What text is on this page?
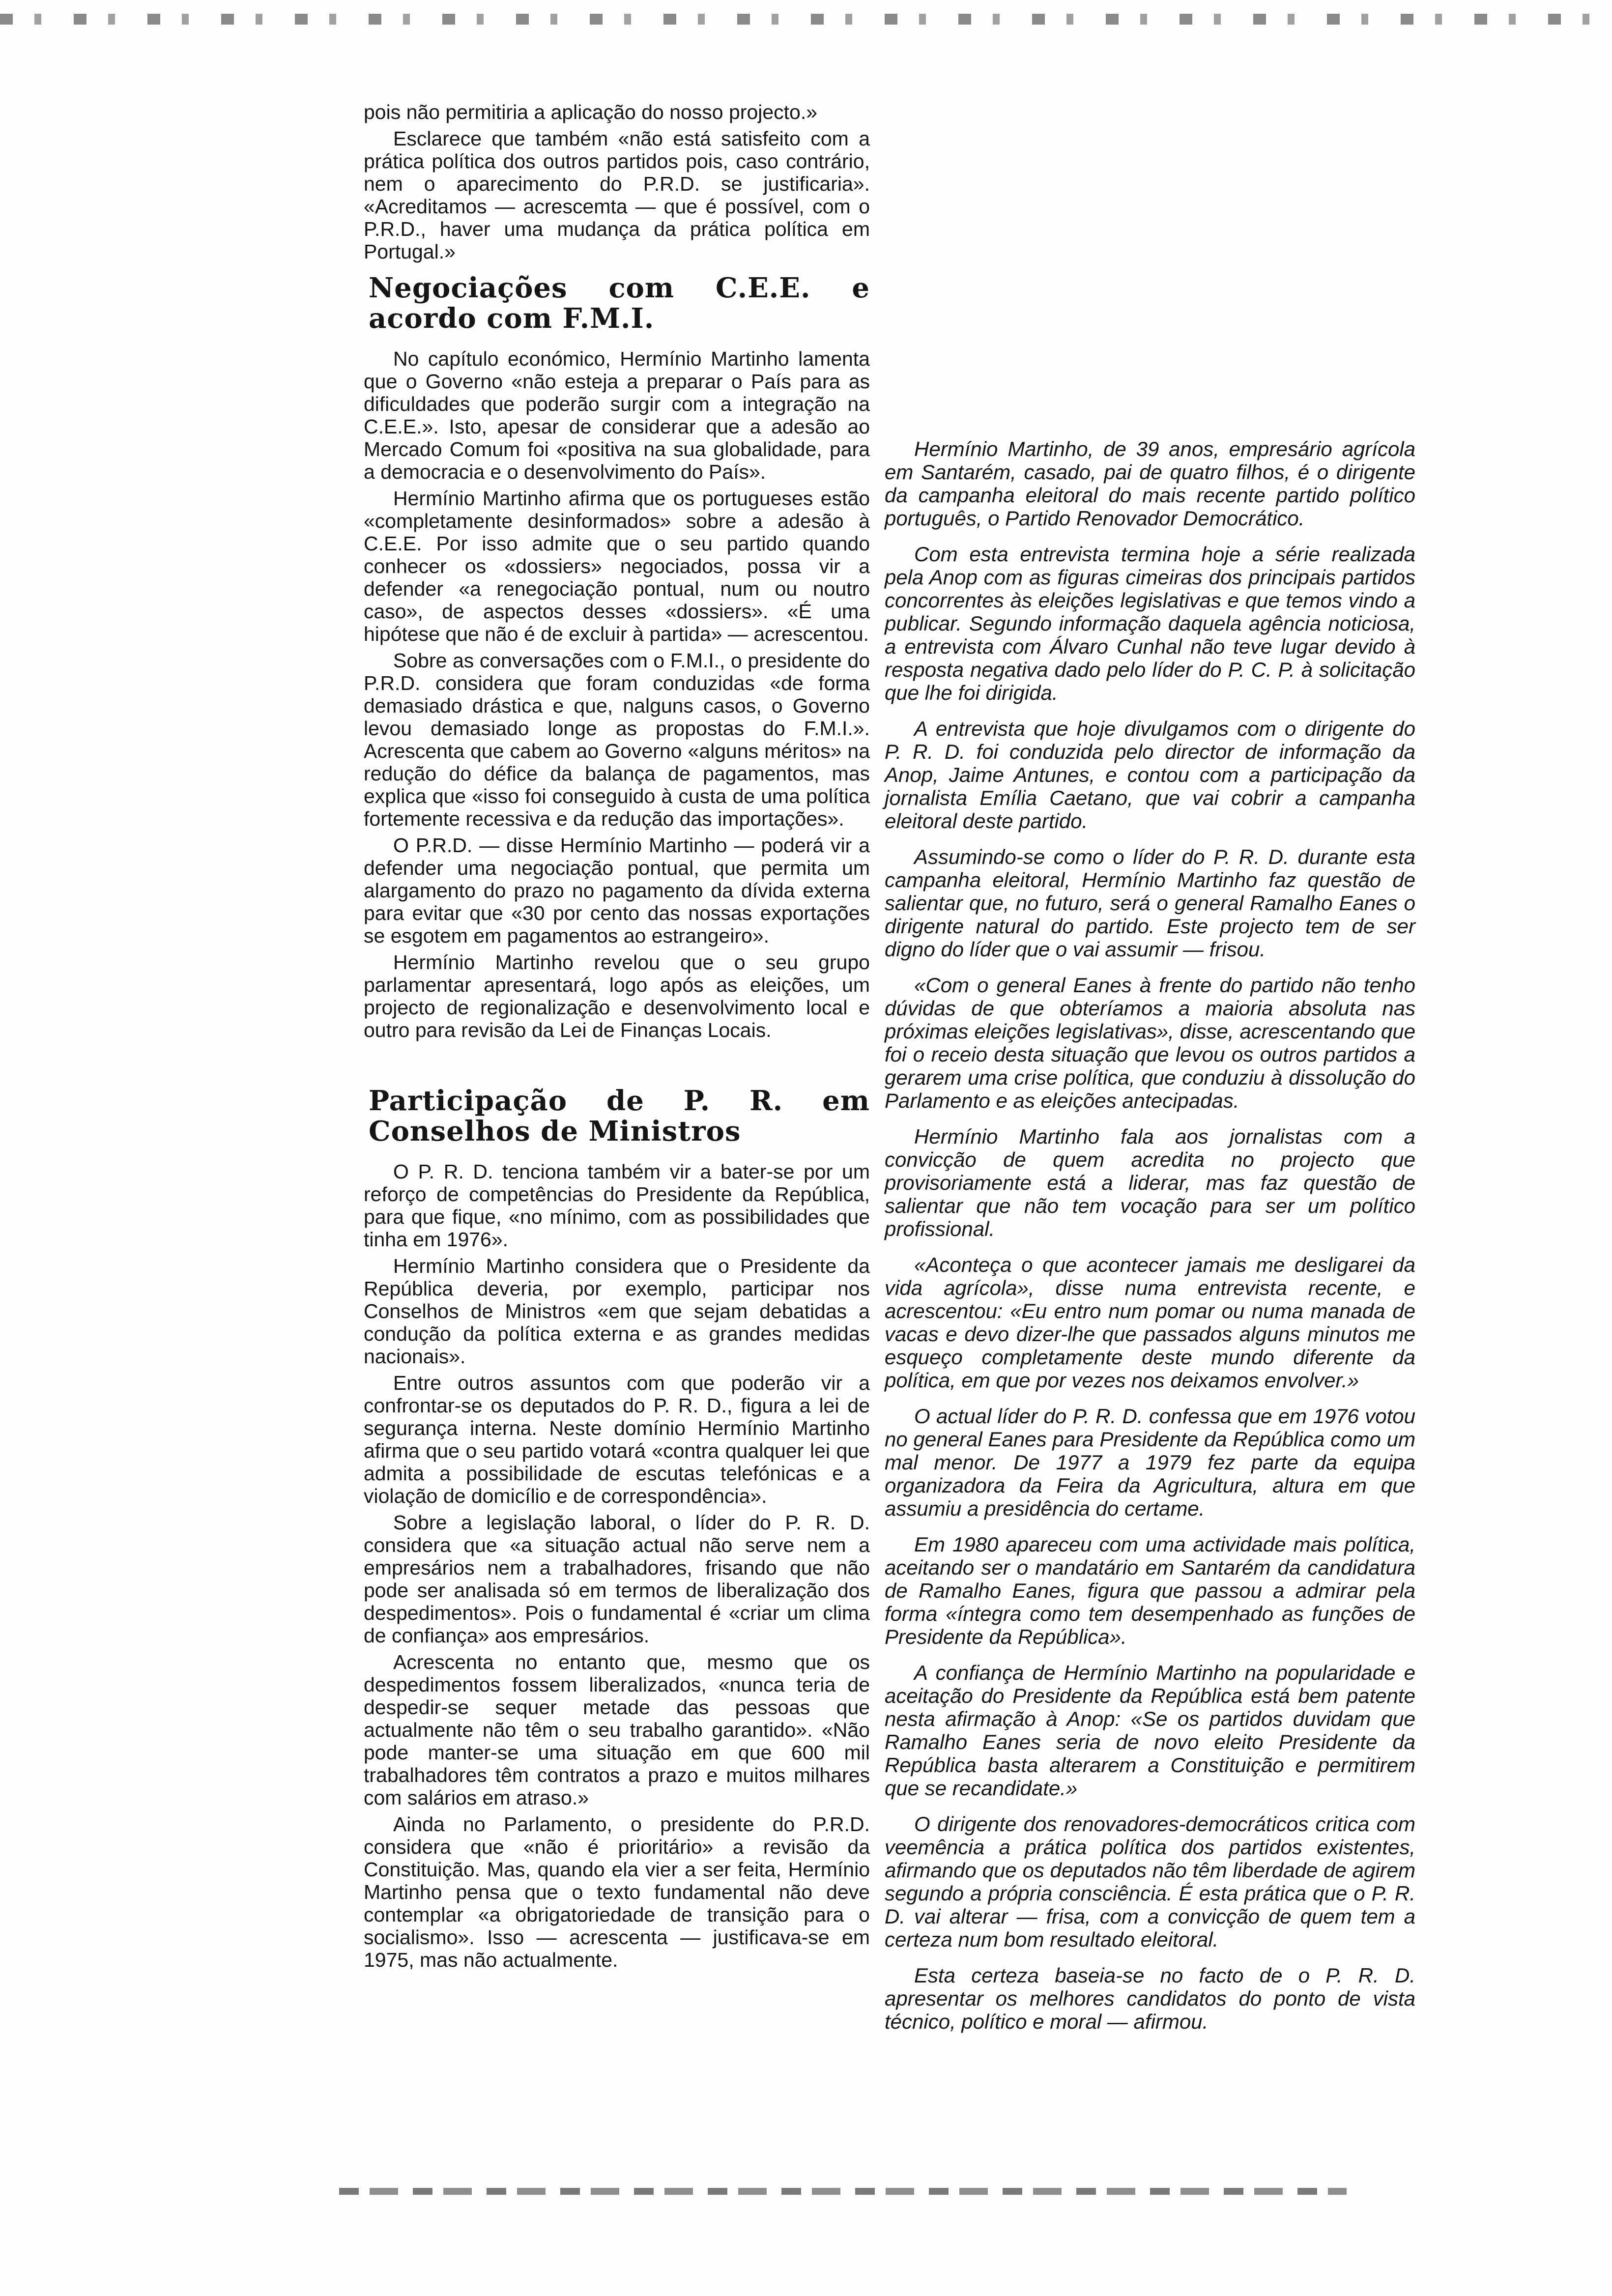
pois não permitiria a aplicação do nosso projecto.»

Esclarece que também «não está satisfeito com a prática política dos outros partidos pois, caso contrário, nem o aparecimento do P.R.D. se justificaria». «Acreditamos — acrescemta — que é possível, com o P.R.D., haver uma mudança da prática política em Portugal.»

Negociações com C.E.E. e acordo com F.M.I.

No capítulo económico, Hermínio Martinho lamenta que o Governo «não esteja a preparar o País para as dificuldades que poderão surgir com a integração na C.E.E.». Isto, apesar de considerar que a adesão ao Mercado Comum foi «positiva na sua globalidade, para a democracia e o desenvolvimento do País».

Hermínio Martinho afirma que os portugueses estão «completamente desinformados» sobre a adesão à C.E.E. Por isso admite que o seu partido quando conhecer os «dossiers» negociados, possa vir a defender «a renegociação pontual, num ou noutro caso», de aspectos desses «dossiers». «É uma hipótese que não é de excluir à partida» — acrescentou.

Sobre as conversações com o F.M.I., o presidente do P.R.D. considera que foram conduzidas «de forma demasiado drástica e que, nalguns casos, o Governo levou demasiado longe as propostas do F.M.I.». Acrescenta que cabem ao Governo «alguns méritos» na redução do défice da balança de pagamentos, mas explica que «isso foi conseguido à custa de uma política fortemente recessiva e da redução das importações».

O P.R.D. — disse Hermínio Martinho — poderá vir a defender uma negociação pontual, que permita um alargamento do prazo no pagamento da dívida externa para evitar que «30 por cento das nossas exportações se esgotem em pagamentos ao estrangeiro».

Hermínio Martinho revelou que o seu grupo parlamentar apresentará, logo após as eleições, um projecto de regionalização e desenvolvimento local e outro para revisão da Lei de Finanças Locais.

Participação de P. R. em Conselhos de Ministros

O P. R. D. tenciona também vir a bater-se por um reforço de competências do Presidente da República, para que fique, «no mínimo, com as possibilidades que tinha em 1976».

Hermínio Martinho considera que o Presidente da República deveria, por exemplo, participar nos Conselhos de Ministros «em que sejam debatidas a condução da política externa e as grandes medidas nacionais».

Entre outros assuntos com que poderão vir a confrontar-se os deputados do P. R. D., figura a lei de segurança interna. Neste domínio Hermínio Martinho afirma que o seu partido votará «contra qualquer lei que admita a possibilidade de escutas telefónicas e a violação de domicílio e de correspondência».

Sobre a legislação laboral, o líder do P. R. D. considera que «a situação actual não serve nem a empresários nem a trabalhadores, frisando que não pode ser analisada só em termos de liberalização dos despedimentos». Pois o fundamental é «criar um clima de confiança» aos empresários.

Acrescenta no entanto que, mesmo que os despedimentos fossem liberalizados, «nunca teria de despedir-se sequer metade das pessoas que actualmente não têm o seu trabalho garantido». «Não pode manter-se uma situação em que 600 mil trabalhadores têm contratos a prazo e muitos milhares com salários em atraso.»

Ainda no Parlamento, o presidente do P.R.D. considera que «não é prioritário» a revisão da Constituição. Mas, quando ela vier a ser feita, Hermínio Martinho pensa que o texto fundamental não deve contemplar «a obrigatoriedade de transição para o socialismo». Isso — acrescenta — justificava-se em 1975, mas não actualmente.

Hermínio Martinho, de 39 anos, empresário agrícola em Santarém, casado, pai de quatro filhos, é o dirigente da campanha eleitoral do mais recente partido político português, o Partido Renovador Democrático.

Com esta entrevista termina hoje a série realizada pela Anop com as figuras cimeiras dos principais partidos concorrentes às eleições legislativas e que temos vindo a publicar. Segundo informação daquela agência noticiosa, a entrevista com Álvaro Cunhal não teve lugar devido à resposta negativa dado pelo líder do P. C. P. à solicitação que lhe foi dirigida.

A entrevista que hoje divulgamos com o dirigente do P. R. D. foi conduzida pelo director de informação da Anop, Jaime Antunes, e contou com a participação da jornalista Emília Caetano, que vai cobrir a campanha eleitoral deste partido.

Assumindo-se como o líder do P. R. D. durante esta campanha eleitoral, Hermínio Martinho faz questão de salientar que, no futuro, será o general Ramalho Eanes o dirigente natural do partido. Este projecto tem de ser digno do líder que o vai assumir — frisou.

«Com o general Eanes à frente do partido não tenho dúvidas de que obteríamos a maioria absoluta nas próximas eleições legislativas», disse, acrescentando que foi o receio desta situação que levou os outros partidos a gerarem uma crise política, que conduziu à dissolução do Parlamento e as eleições antecipadas.

Hermínio Martinho fala aos jornalistas com a convicção de quem acredita no projecto que provisoriamente está a liderar, mas faz questão de salientar que não tem vocação para ser um político profissional.

«Aconteça o que acontecer jamais me desligarei da vida agrícola», disse numa entrevista recente, e acrescentou: «Eu entro num pomar ou numa manada de vacas e devo dizer-lhe que passados alguns minutos me esqueço completamente deste mundo diferente da política, em que por vezes nos deixamos envolver.»

O actual líder do P. R. D. confessa que em 1976 votou no general Eanes para Presidente da República como um mal menor. De 1977 a 1979 fez parte da equipa organizadora da Feira da Agricultura, altura em que assumiu a presidência do certame.

Em 1980 apareceu com uma actividade mais política, aceitando ser o mandatário em Santarém da candidatura de Ramalho Eanes, figura que passou a admirar pela forma «íntegra como tem desempenhado as funções de Presidente da República».

A confiança de Hermínio Martinho na popularidade e aceitação do Presidente da República está bem patente nesta afirmação à Anop: «Se os partidos duvidam que Ramalho Eanes seria de novo eleito Presidente da República basta alterarem a Constituição e permitirem que se recandidate.»

O dirigente dos renovadores-democráticos critica com veemência a prática política dos partidos existentes, afirmando que os deputados não têm liberdade de agirem segundo a própria consciência. É esta prática que o P. R. D. vai alterar — frisa, com a convicção de quem tem a certeza num bom resultado eleitoral.

Esta certeza baseia-se no facto de o P. R. D. apresentar os melhores candidatos do ponto de vista técnico, político e moral — afirmou.
